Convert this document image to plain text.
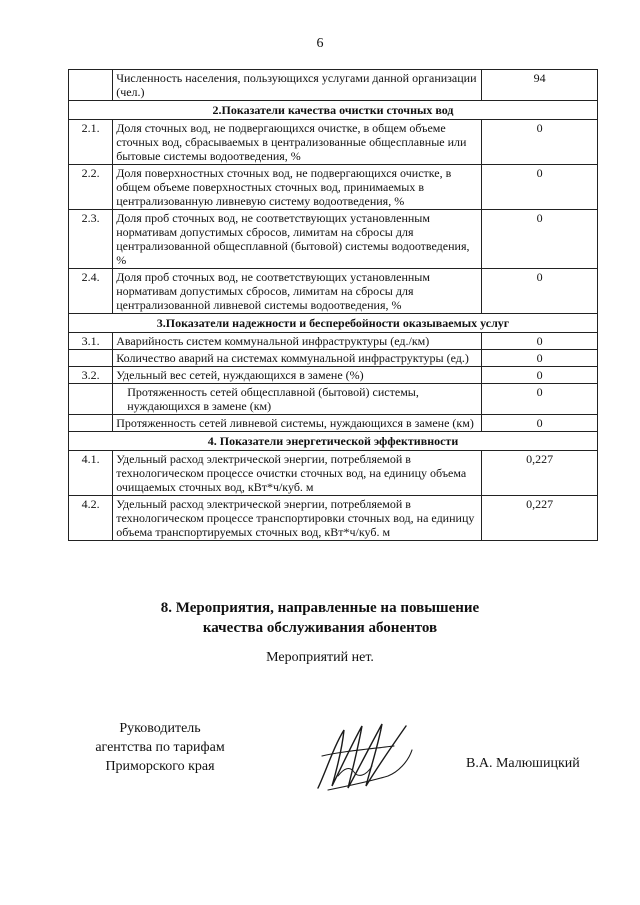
6
	Численность населения, пользующихся услугами данной организации (чел.)	94
2.Показатели качества очистки сточных вод		
2.1.	Доля сточных вод, не подвергающихся очистке, в общем объеме сточных вод, сбрасываемых в централизованные общесплавные или бытовые системы водоотведения, %	0
2.2.	Доля поверхностных сточных вод, не подвергающихся очистке, в общем объеме поверхностных сточных вод, принимаемых в централизованную ливневую систему водоотведения, %	0
2.3.	Доля проб сточных вод, не соответствующих установленным нормативам допустимых сбросов, лимитам на сбросы для централизованной общесплавной (бытовой) системы водоотведения, %	0
2.4.	Доля проб сточных вод, не соответствующих установленным нормативам допустимых сбросов, лимитам на сбросы для централизованной ливневой системы водоотведения, %	0
3.Показатели надежности и бесперебойности оказываемых услуг		
3.1.	Аварийность систем коммунальной инфраструктуры (ед./км)	0
	Количество аварий на системах коммунальной инфраструктуры (ед.)	0
3.2.	Удельный вес сетей, нуждающихся в замене (%)	0
	Протяженность сетей общесплавной (бытовой) системы, нуждающихся в замене (км)	0
	Протяженность сетей ливневой системы, нуждающихся в замене (км)	0
4. Показатели энергетической эффективности		
4.1.	Удельный расход электрической энергии, потребляемой в технологическом процессе очистки сточных вод, на единицу объема очищаемых сточных вод, кВт*ч/куб. м	0,227
4.2.	Удельный расход электрической энергии, потребляемой в технологическом процессе транспортировки сточных вод, на единицу объема транспортируемых сточных вод, кВт*ч/куб. м	0,227
8. Мероприятия, направленные на повышение
качества обслуживания абонентов
Мероприятий нет.
Руководитель
агентства по тарифам
Приморского края	В.А. Малюшицкий
